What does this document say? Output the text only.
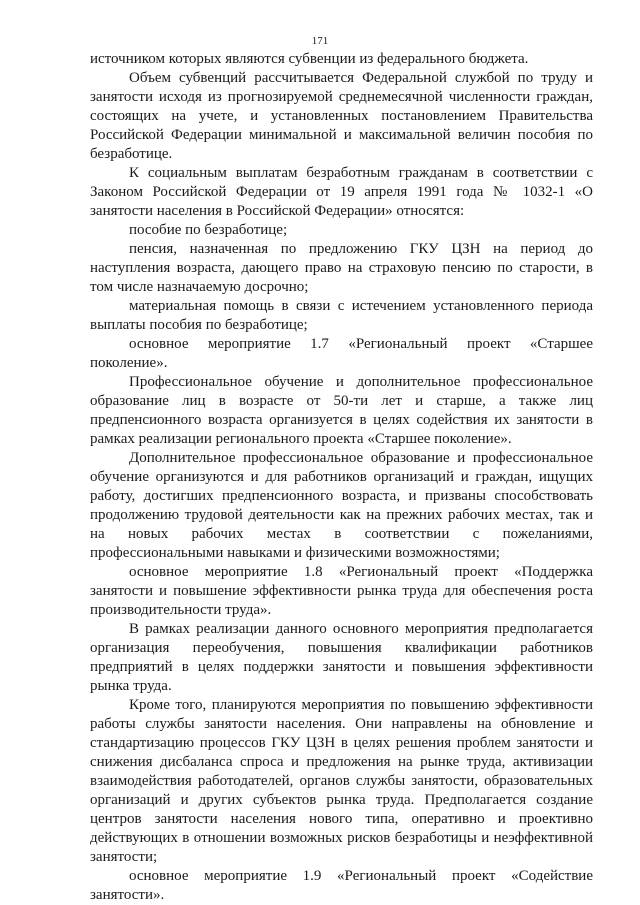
171

источником которых являются субвенции из федерального бюджета.

Объем субвенций рассчитывается Федеральной службой по труду и занятости исходя из прогнозируемой среднемесячной численности граждан, состоящих на учете, и установленных постановлением Правительства Российской Федерации минимальной и максимальной величин пособия по безработице.

К социальным выплатам безработным гражданам в соответствии с Законом Российской Федерации от 19 апреля 1991 года № 1032-1 «О занятости населения в Российской Федерации» относятся:

пособие по безработице;

пенсия, назначенная по предложению ГКУ ЦЗН на период до наступления возраста, дающего право на страховую пенсию по старости, в том числе назначаемую досрочно;

материальная помощь в связи с истечением установленного периода выплаты пособия по безработице;

основное мероприятие 1.7 «Региональный проект «Старшее поколение».

Профессиональное обучение и дополнительное профессиональное образование лиц в возрасте от 50-ти лет и старше, а также лиц предпенсионного возраста организуется в целях содействия их занятости в рамках реализации регионального проекта «Старшее поколение».

Дополнительное профессиональное образование и профессиональное обучение организуются и для работников организаций и граждан, ищущих работу, достигших предпенсионного возраста, и призваны способствовать продолжению трудовой деятельности как на прежних рабочих местах, так и на новых рабочих местах в соответствии с пожеланиями, профессиональными навыками и физическими возможностями;

основное мероприятие 1.8 «Региональный проект «Поддержка занятости и повышение эффективности рынка труда для обеспечения роста производительности труда».

В рамках реализации данного основного мероприятия предполагается организация переобучения, повышения квалификации работников предприятий в целях поддержки занятости и повышения эффективности рынка труда.

Кроме того, планируются мероприятия по повышению эффективности работы службы занятости населения. Они направлены на обновление и стандартизацию процессов ГКУ ЦЗН в целях решения проблем занятости и снижения дисбаланса спроса и предложения на рынке труда, активизации взаимодействия работодателей, органов службы занятости, образовательных организаций и других субъектов рынка труда. Предполагается создание центров занятости населения нового типа, оперативно и проективно действующих в отношении возможных рисков безработицы и неэффективной занятости;

основное мероприятие 1.9 «Региональный проект «Содействие занятости».
